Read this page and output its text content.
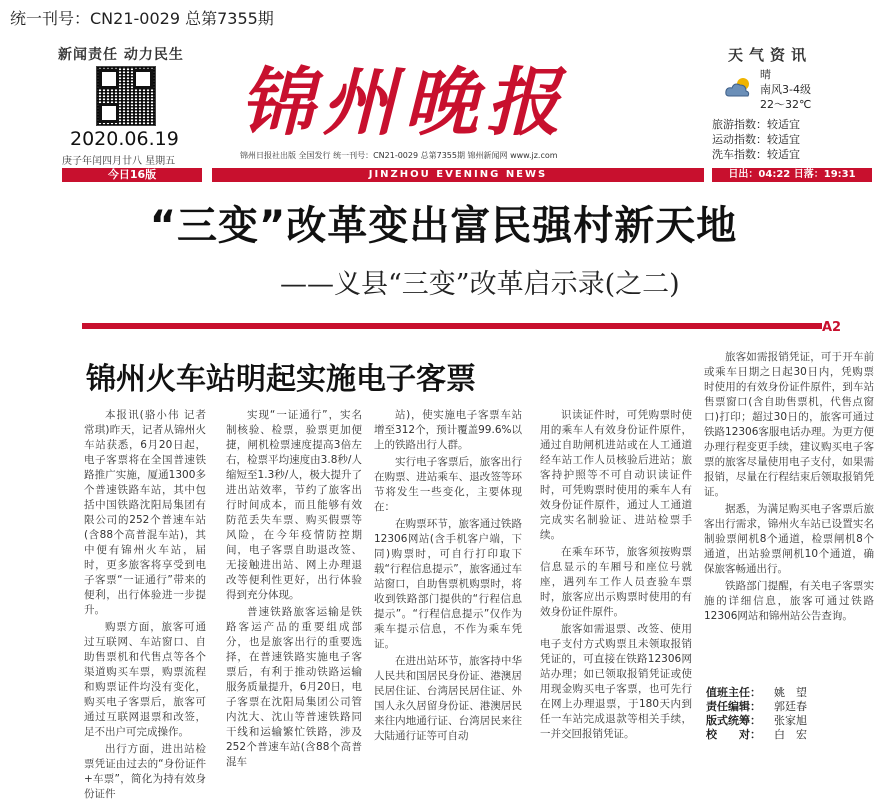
统一刊号：CN21-0029 总第7355期
新闻责任 动力民生
2020.06.19
庚子年闰四月廿八 星期五
今日16版
锦州晚报
锦州日报社出版 全国发行 统一刊号：CN21-0029 总第7355期 锦州新闻网 www.jz.com
JINZHOU EVENING NEWS
天气资讯
晴
南风3-4级
22～32℃
旅游指数：较适宜
运动指数：较适宜
洗车指数：较适宜
日出：04:22 日落：19:31
“三变”改革变出富民强村新天地
——义县“三变”改革启示录(之二)
A2
锦州火车站明起实施电子客票

本报讯(骆小伟 记者常琪)昨天，记者从锦州火车站获悉，6月20日起，电子客票将在全国普速铁路推广实施，厦通1300多个普速铁路车站，其中包括中国铁路沈阳局集团有限公司的252个普速车站(含88个高普混车站)，其中便有锦州火车站，届时，更多旅客将享受到电子客票“一证通行”带来的便利，出行体验进一步提升。

购票方面，旅客可通过互联网、车站窗口、自助售票机和代售点等各个渠道购买车票，购票流程和购票证件均没有变化，购买电子客票后，旅客可通过互联网退票和改签，足不出户可完成操作。

出行方面，进出站检票凭证由过去的“身份证件+车票”，简化为持有效身份证件

实现“一证通行”，实名制核验、检票，验票更加便捷，闸机检票速度提高3倍左右，检票平均速度由3.8秒/人缩短至1.3秒/人，极大提升了进出站效率，节约了旅客出行时间成本，而且能够有效防范丢失车票、购买假票等风险，在今年疫情防控期间，电子客票自助退改签、无接触进出站、网上办理退改等便利性更好，出行体验得到充分体现。

普速铁路旅客运输是铁路客运产品的重要组成部分，也是旅客出行的重要选择，在普速铁路实施电子客票后，有利于推动铁路运输服务质量提升，6月20日，电子客票在沈阳局集团公司管内沈大、沈山等普速铁路同干线和运输繁忙铁路，涉及252个普速车站(含88个高普混车

站)，使实施电子客票车站增至312个，预计覆盖99.6%以上的铁路出行人群。

实行电子客票后，旅客出行在购票、进站乘车、退改签等环节将发生一些变化，主要体现在：

在购票环节，旅客通过铁路12306网站(含手机客户端，下同)购票时，可自行打印取下载“行程信息提示”，旅客通过车站窗口，自助售票机购票时，将收到铁路部门提供的“行程信息提示”。“行程信息提示”仅作为乘车提示信息，不作为乘车凭证。

在进出站环节，旅客持中华人民共和国居民身份证、港澳居民居住证、台湾居民居住证、外国人永久居留身份证、港澳居民来往内地通行证、台湾居民来往大陆通行证等可自动

识读证件时，可凭购票时使用的乘车人有效身份证件原件，通过自助闸机进站或在人工通道经车站工作人员核验后进站；旅客持护照等不可自动识读证件时，可凭购票时使用的乘车人有效身份证件原件，通过人工通道完成实名制验证、进站检票手续。

在乘车环节，旅客须按购票信息显示的车厢号和座位号就座，遇列车工作人员查验车票时，旅客应出示购票时使用的有效身份证件原件。

旅客如需退票、改签、使用电子支付方式购票且未领取报销凭证的，可直接在铁路12306网站办理；如已领取报销凭证或使用现金购买电子客票，也可先行在网上办理退票，于180天内到任一车站完成退款等相关手续，一并交回报销凭证。

旅客如需报销凭证，可于开车前或乘车日期之日起30日内，凭购票时使用的有效身份证件原件，到车站售票窗口(含自助售票机，代售点窗口)打印；超过30日的，旅客可通过铁路12306客服电话办理。为更方便办理行程变更手续，建议购买电子客票的旅客尽量使用电子支付，如果需报销，尽量在行程结束后领取报销凭证。

据悉，为满足购买电子客票后旅客出行需求，锦州火车站已设置实名制验票闸机8个通道，检票闸机8个通道，出站验票闸机10个通道，确保旅客畅通出行。

铁路部门提醒，有关电子客票实施的详细信息，旅客可通过铁路12306网站和锦州站公告查询。

值班主任： 姚　望
责任编辑： 郭廷春
版式统筹： 张家旭
校　　对： 白　宏
